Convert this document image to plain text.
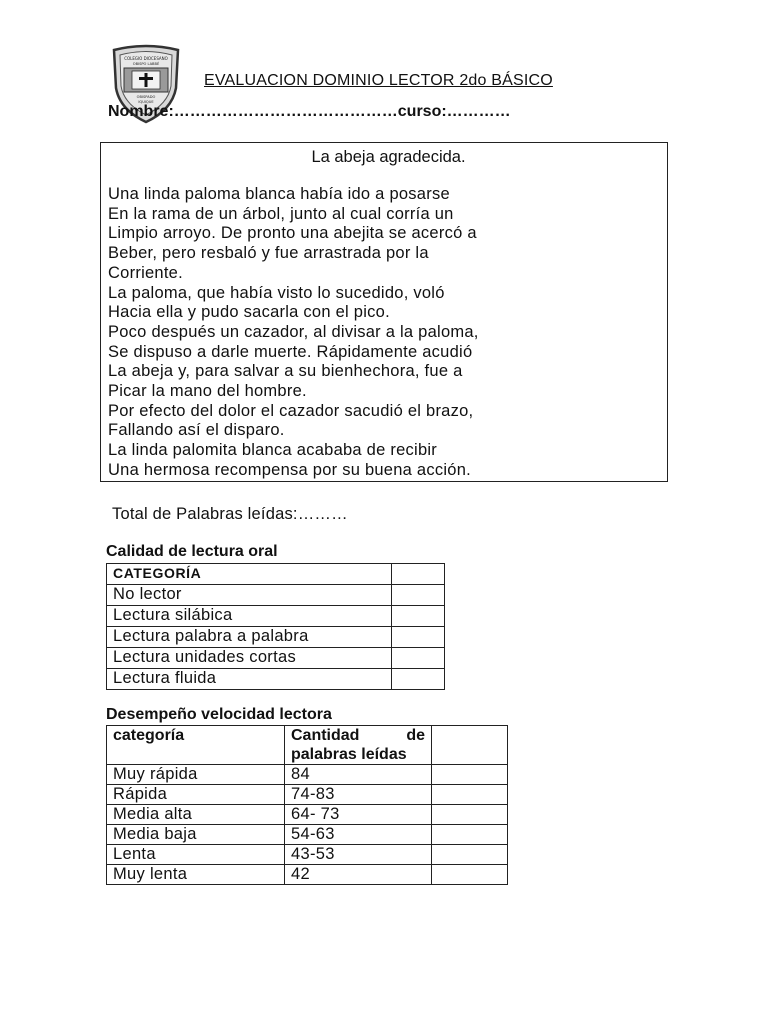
COLEGIO DIOCESANO
OBISPO LABBÉ
OBISPADO
IQUIQUE
EVALUACION DOMINIO LECTOR 2do BÁSICO
Nombre:……………………………………curso:…………
La abeja agradecida.
Una linda paloma blanca había ido a posarse
En la rama de un árbol, junto al cual corría un
Limpio arroyo. De pronto una abejita se acercó a
Beber, pero resbaló y fue arrastrada por la
Corriente.
La paloma, que había visto lo sucedido, voló
Hacia ella y pudo sacarla con el pico.
Poco después un cazador, al divisar a la paloma,
Se dispuso a darle muerte. Rápidamente acudió
La abeja y, para salvar a su bienhechora, fue a
Picar la mano del hombre.
Por efecto del dolor el cazador sacudió el brazo,
Fallando así el disparo.
La linda palomita blanca acababa de recibir
Una hermosa recompensa por su buena acción.
Total de Palabras leídas:………
Calidad de lectura oral
CATEGORÍA	
No lector	
Lectura silábica	
Lectura palabra a palabra	
Lectura unidades cortas	
Lectura fluida	
Desempeño velocidad lectora
categoría	Cantidad de palabras leídas	
Muy rápida	84	
Rápida	74-83	
Media alta	64- 73	
Media baja	54-63	
Lenta	43-53	
Muy lenta	42	
